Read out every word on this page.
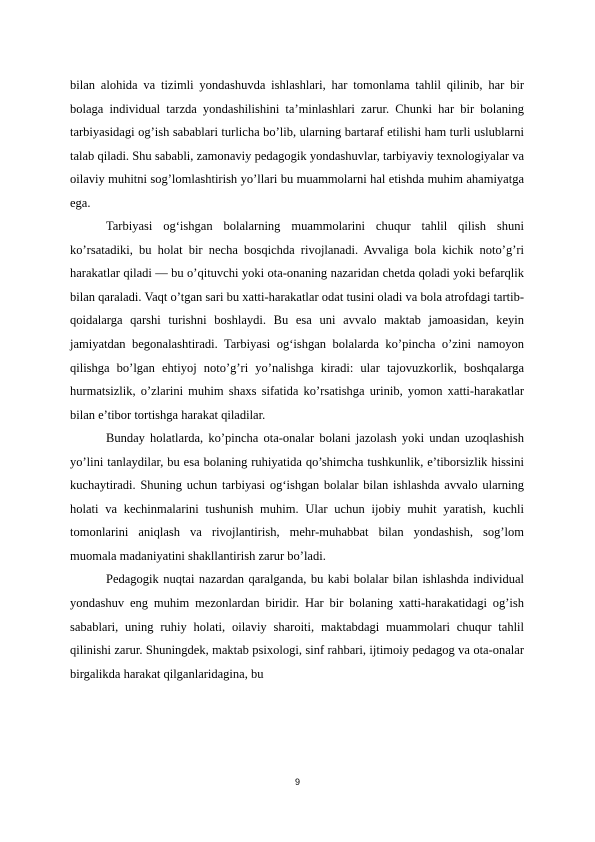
bilan alohida va tizimli yondashuvda ishlashlari, har tomonlama tahlil qilinib, har bir bolaga individual tarzda yondashilishini ta’minlashlari zarur. Chunki har bir bolaning tarbiyasidagi og’ish sabablari turlicha bo’lib, ularning bartaraf etilishi ham turli uslublarni talab qiladi. Shu sababli, zamonaviy pedagogik yondashuvlar, tarbiyaviy texnologiyalar va oilaviy muhitni sog’lomlashtirish yo’llari bu muammolarni hal etishda muhim ahamiyatga ega.

Tarbiyasi og‘ishgan bolalarning muammolarini chuqur tahlil qilish shuni ko’rsatadiki, bu holat bir necha bosqichda rivojlanadi. Avvaliga bola kichik noto’g’ri harakatlar qiladi — bu o’qituvchi yoki ota-onaning nazaridan chetda qoladi yoki befarqlik bilan qaraladi. Vaqt o’tgan sari bu xatti-harakatlar odat tusini oladi va bola atrofdagi tartib-qoidalarga qarshi turishni boshlaydi. Bu esa uni avvalo maktab jamoasidan, keyin jamiyatdan begonalashtiradi. Tarbiyasi og‘ishgan bolalarda ko’pincha o’zini namoyon qilishga bo’lgan ehtiyoj noto’g’ri yo’nalishga kiradi: ular tajovuzkorlik, boshqalarga hurmatsizlik, o’zlarini muhim shaxs sifatida ko’rsatishga urinib, yomon xatti-harakatlar bilan e’tibor tortishga harakat qiladilar.

Bunday holatlarda, ko’pincha ota-onalar bolani jazolash yoki undan uzoqlashish yo’lini tanlaydilar, bu esa bolaning ruhiyatida qo’shimcha tushkunlik, e’tiborsizlik hissini kuchaytiradi. Shuning uchun tarbiyasi og‘ishgan bolalar bilan ishlashda avvalo ularning holati va kechinmalarini tushunish muhim. Ular uchun ijobiy muhit yaratish, kuchli tomonlarini aniqlash va rivojlantirish, mehr-muhabbat bilan yondashish, sog’lom muomala madaniyatini shakllantirish zarur bo’ladi.

Pedagogik nuqtai nazardan qaralganda, bu kabi bolalar bilan ishlashda individual yondashuv eng muhim mezonlardan biridir. Har bir bolaning xatti-harakatidagi og’ish sabablari, uning ruhiy holati, oilaviy sharoiti, maktabdagi muammolari chuqur tahlil qilinishi zarur. Shuningdek, maktab psixologi, sinf rahbari, ijtimoiy pedagog va ota-onalar birgalikda harakat qilganlaridagina, bu

9
